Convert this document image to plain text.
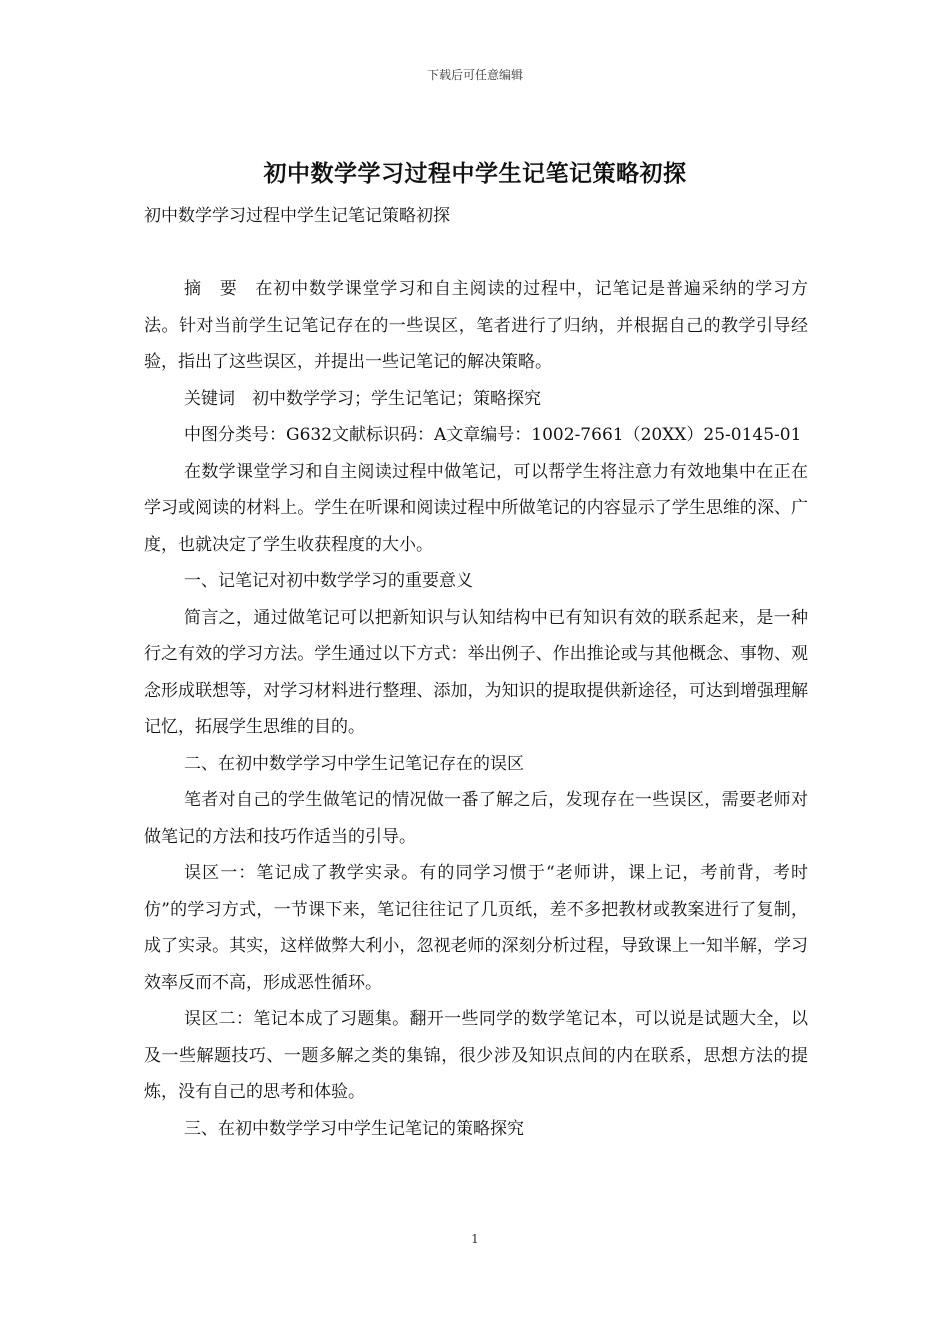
下载后可任意编辑
初中数学学习过程中学生记笔记策略初探

初中数学学习过程中学生记笔记策略初探

摘　要　在初中数学课堂学习和自主阅读的过程中，记笔记是普遍采纳的学习方法。针对当前学生记笔记存在的一些误区，笔者进行了归纳，并根据自己的教学引导经验，指出了这些误区，并提出一些记笔记的解决策略。

关键词　初中数学学习；学生记笔记；策略探究

中图分类号：G632文献标识码：A文章编号：1002-7661（20XX）25-0145-01

在数学课堂学习和自主阅读过程中做笔记，可以帮学生将注意力有效地集中在正在学习或阅读的材料上。学生在听课和阅读过程中所做笔记的内容显示了学生思维的深、广度，也就决定了学生收获程度的大小。

一、记笔记对初中数学学习的重要意义

简言之，通过做笔记可以把新知识与认知结构中已有知识有效的联系起来，是一种行之有效的学习方法。学生通过以下方式：举出例子、作出推论或与其他概念、事物、观念形成联想等，对学习材料进行整理、添加，为知识的提取提供新途径，可达到增强理解记忆，拓展学生思维的目的。

二、在初中数学学习中学生记笔记存在的误区

笔者对自己的学生做笔记的情况做一番了解之后，发现存在一些误区，需要老师对做笔记的方法和技巧作适当的引导。

误区一：笔记成了教学实录。有的同学习惯于“老师讲，课上记，考前背，考时仿”的学习方式，一节课下来，笔记往往记了几页纸，差不多把教材或教案进行了复制，成了实录。其实，这样做弊大利小，忽视老师的深刻分析过程，导致课上一知半解，学习效率反而不高，形成恶性循环。

误区二：笔记本成了习题集。翻开一些同学的数学笔记本，可以说是试题大全，以及一些解题技巧、一题多解之类的集锦，很少涉及知识点间的内在联系，思想方法的提炼，没有自己的思考和体验。

三、在初中数学学习中学生记笔记的策略探究

1
